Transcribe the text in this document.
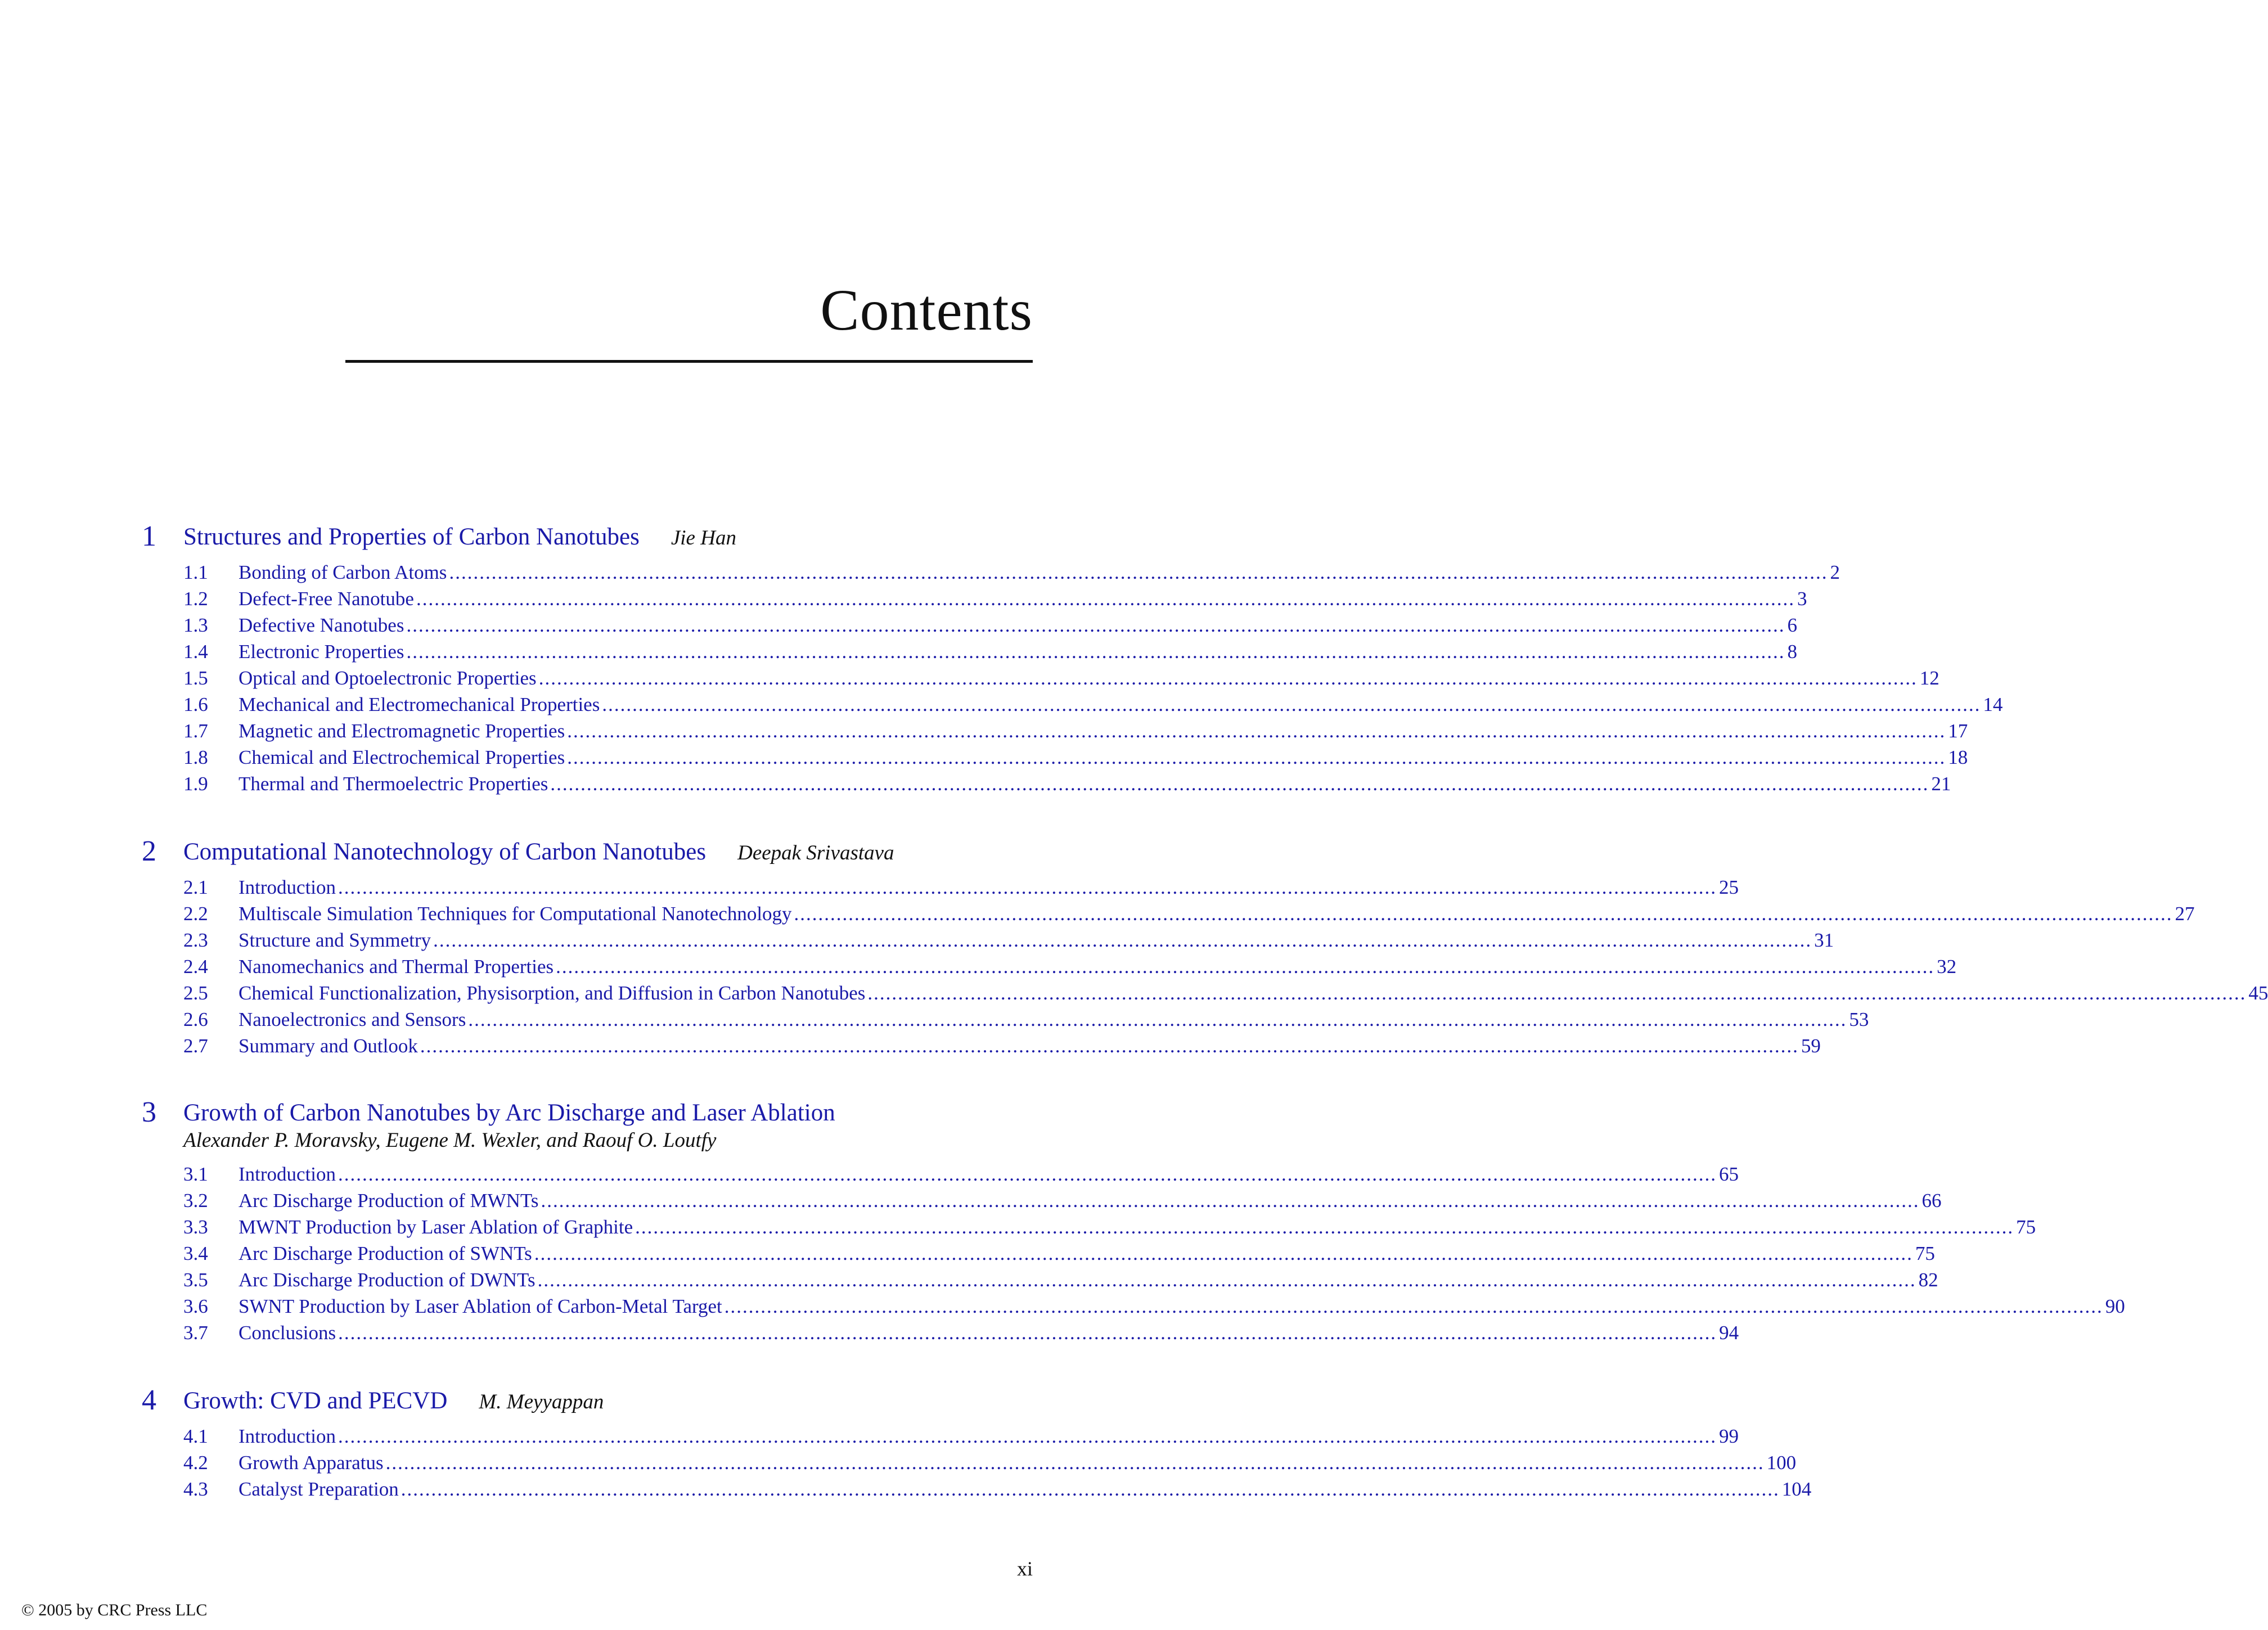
Contents
1 Structures and Properties of Carbon Nanotubes Jie Han
1.1	Bonding of Carbon Atoms .....	2
1.2	Defect-Free Nanotube .....	3
1.3	Defective Nanotubes .....	6
1.4	Electronic Properties .....	8
1.5	Optical and Optoelectronic Properties .....	12
1.6	Mechanical and Electromechanical Properties .....	14
1.7	Magnetic and Electromagnetic Properties .....	17
1.8	Chemical and Electrochemical Properties .....	18
1.9	Thermal and Thermoelectric Properties .....	21
2 Computational Nanotechnology of Carbon Nanotubes Deepak Srivastava
2.1	Introduction .....	25
2.2	Multiscale Simulation Techniques for Computational Nanotechnology .....	27
2.3	Structure and Symmetry .....	31
2.4	Nanomechanics and Thermal Properties .....	32
2.5	Chemical Functionalization, Physisorption, and Diffusion in Carbon Nanotubes .....	45
2.6	Nanoelectronics and Sensors .....	53
2.7	Summary and Outlook .....	59
3 Growth of Carbon Nanotubes by Arc Discharge and Laser Ablation
Alexander P. Moravsky, Eugene M. Wexler, and Raouf O. Loutfy
3.1	Introduction .....	65
3.2	Arc Discharge Production of MWNTs .....	66
3.3	MWNT Production by Laser Ablation of Graphite .....	75
3.4	Arc Discharge Production of SWNTs .....	75
3.5	Arc Discharge Production of DWNTs .....	82
3.6	SWNT Production by Laser Ablation of Carbon-Metal Target .....	90
3.7	Conclusions .....	94
4 Growth: CVD and PECVD M. Meyyappan
4.1	Introduction .....	99
4.2	Growth Apparatus .....	100
4.3	Catalyst Preparation .....	104
xi
© 2005 by CRC Press LLC
